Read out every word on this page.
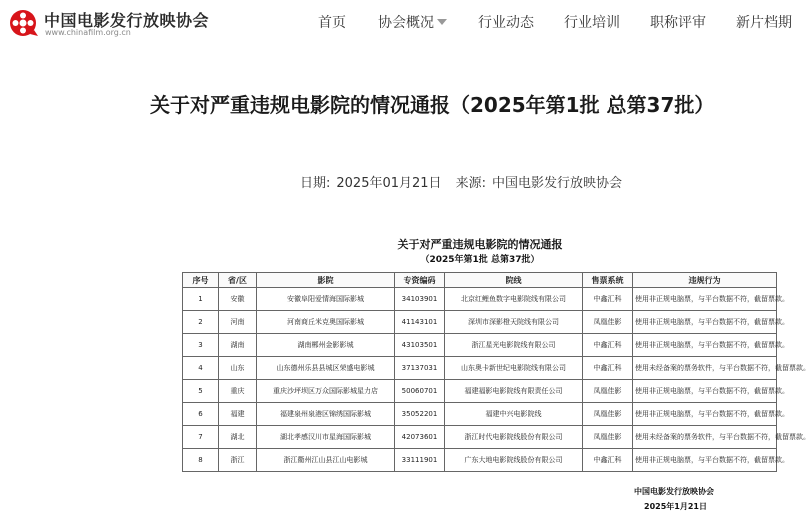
中国电影发行放映协会
www.chinafilm.org.cn
首页 协会概况	行业动态 行业培训 职称评审 新片档期
关于对严重违规电影院的情况通报（2025年第1批 总第37批）
日期: 2025年01月21日 来源: 中国电影发行放映协会
关于对严重违规电影院的情况通报
（2025年第1批 总第37批）
序号	省/区	影院	专资编码	院线	售票系统	违规行为
1	安徽	安徽阜阳爱情海国际影城	34103901	北京红鲤鱼数字电影院线有限公司	中鑫汇科	使用非正规电脑票，与平台数据不符，截留票款。
2	河南	河南商丘米克奥国际影城	41143101	深圳市深影橙天院线有限公司	凤凰佳影	使用非正规电脑票，与平台数据不符，截留票款。
3	湖南	湖南郴州金影影城	43103501	浙江星光电影院线有限公司	中鑫汇科	使用非正规电脑票，与平台数据不符，截留票款。
4	山东	山东德州乐县县城区荣盛电影城	37137031	山东奥卡新世纪电影院线有限公司	中鑫汇科	使用未经备案的票务软件，与平台数据不符，截留票款。
5	重庆	重庆沙坪坝区万众国际影城星力店	50060701	福建福影电影院线有限责任公司	凤凰佳影	使用非正规电脑票，与平台数据不符，截留票款。
6	福建	福建泉州泉港区锦绣国际影城	35052201	福建中兴电影院线	凤凰佳影	使用非正规电脑票，与平台数据不符，截留票款。
7	湖北	湖北孝感汉川市星海国际影城	42073601	浙江时代电影院线股份有限公司	凤凰佳影	使用未经备案的票务软件，与平台数据不符，截留票款。
8	浙江	浙江衢州江山县江山电影城	33111901	广东大地电影院线股份有限公司	中鑫汇科	使用非正规电脑票，与平台数据不符，截留票款。
中国电影发行放映协会
2025年1月21日
